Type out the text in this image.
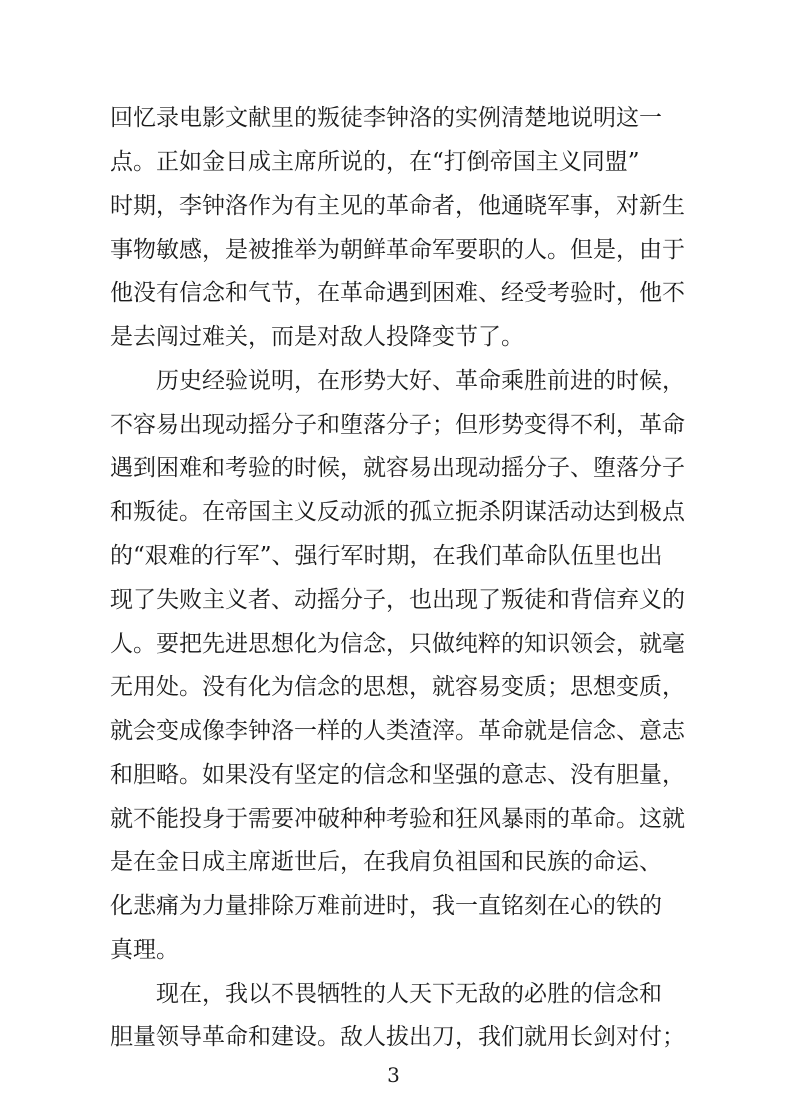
回忆录电影文献里的叛徒李钟洛的实例清楚地说明这一
点。正如金日成主席所说的，在“打倒帝国主义同盟”
时期，李钟洛作为有主见的革命者，他通晓军事，对新生
事物敏感，是被推举为朝鲜革命军要职的人。但是，由于
他没有信念和气节，在革命遇到困难、经受考验时，他不
是去闯过难关，而是对敌人投降变节了。
　　历史经验说明，在形势大好、革命乘胜前进的时候，
不容易出现动摇分子和堕落分子；但形势变得不利，革命
遇到困难和考验的时候，就容易出现动摇分子、堕落分子
和叛徒。在帝国主义反动派的孤立扼杀阴谋活动达到极点
的“艰难的行军”、强行军时期，在我们革命队伍里也出
现了失败主义者、动摇分子，也出现了叛徒和背信弃义的
人。要把先进思想化为信念，只做纯粹的知识领会，就毫
无用处。没有化为信念的思想，就容易变质；思想变质，
就会变成像李钟洛一样的人类渣滓。革命就是信念、意志
和胆略。如果没有坚定的信念和坚强的意志、没有胆量，
就不能投身于需要冲破种种考验和狂风暴雨的革命。这就
是在金日成主席逝世后，在我肩负祖国和民族的命运、
化悲痛为力量排除万难前进时，我一直铭刻在心的铁的
真理。
　　现在，我以不畏牺牲的人天下无敌的必胜的信念和
胆量领导革命和建设。敌人拔出刀，我们就用长剑对付；
3
